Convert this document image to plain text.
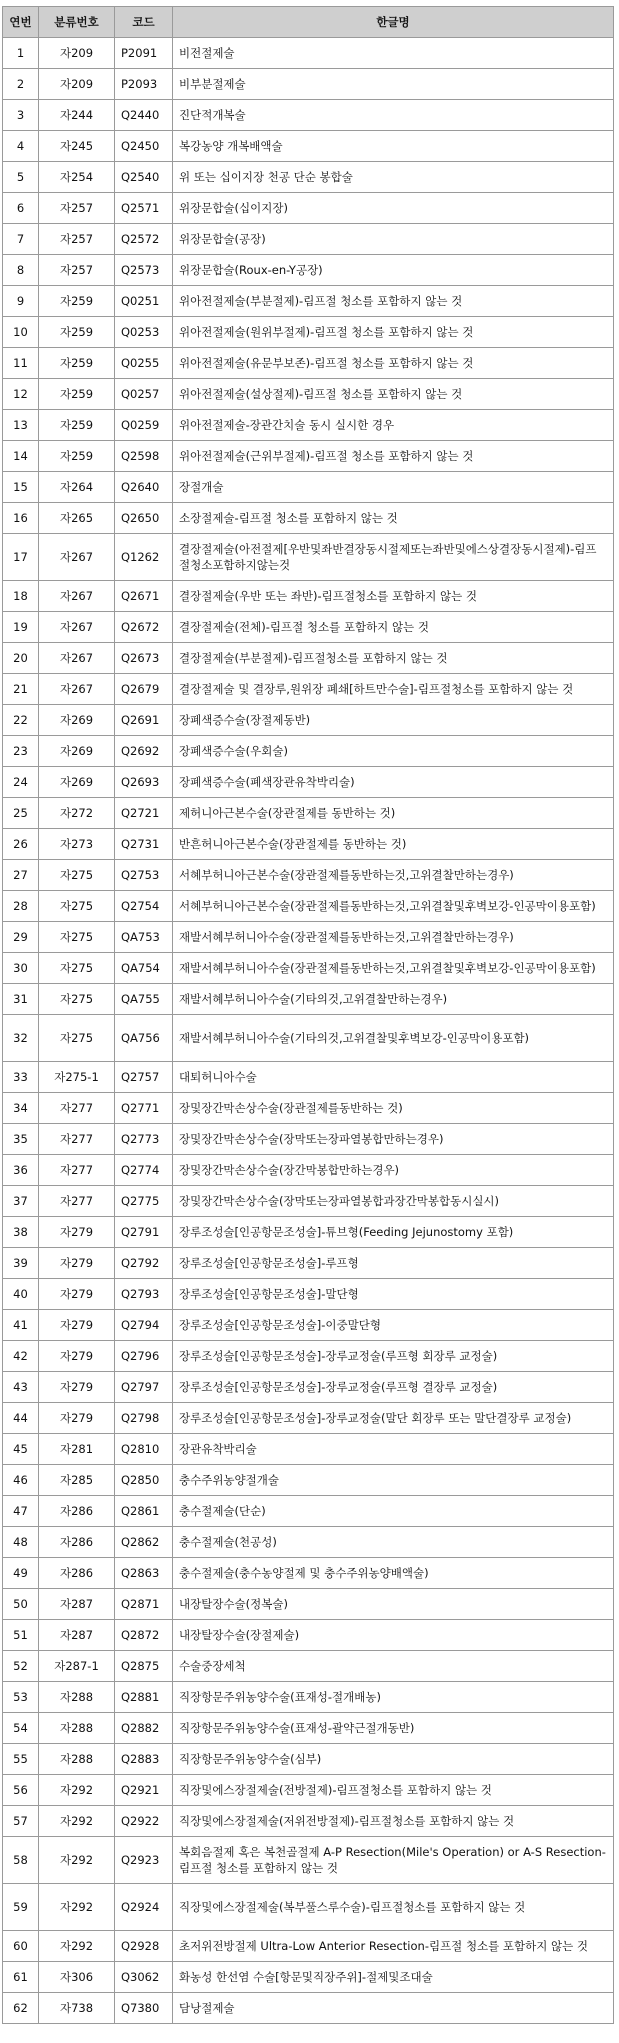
연번	분류번호	코드	한글명
1	자209	P2091	비전절제술
2	자209	P2093	비부분절제술
3	자244	Q2440	진단적개복술
4	자245	Q2450	복강농양 개복배액술
5	자254	Q2540	위 또는 십이지장 천공 단순 봉합술
6	자257	Q2571	위장문합술(십이지장)
7	자257	Q2572	위장문합술(공장)
8	자257	Q2573	위장문합술(Roux-en-Y공장)
9	자259	Q0251	위아전절제술(부분절제)-림프절 청소를 포함하지 않는 것
10	자259	Q0253	위아전절제술(원위부절제)-림프절 청소를 포함하지 않는 것
11	자259	Q0255	위아전절제술(유문부보존)-림프절 청소를 포함하지 않는 것
12	자259	Q0257	위아전절제술(설상절제)-림프절 청소를 포함하지 않는 것
13	자259	Q0259	위아전절제술-장관간치술 동시 실시한 경우
14	자259	Q2598	위아전절제술(근위부절제)-림프절 청소를 포함하지 않는 것
15	자264	Q2640	장절개술
16	자265	Q2650	소장절제술-림프절 청소를 포함하지 않는 것
17	자267	Q1262	결장절제술(아전절제[우반및좌반결장동시절제또는좌반및에스상결장동시절제)-림프절청소포함하지않는것
18	자267	Q2671	결장절제술(우반 또는 좌반)-림프절청소를 포함하지 않는 것
19	자267	Q2672	결장절제술(전체)-림프절 청소를 포함하지 않는 것
20	자267	Q2673	결장절제술(부분절제)-림프절청소를 포함하지 않는 것
21	자267	Q2679	결장절제술 및 결장루,원위장 폐쇄[하트만수술]-림프절청소를 포함하지 않는 것
22	자269	Q2691	장폐색증수술(장절제동반)
23	자269	Q2692	장폐색증수술(우회술)
24	자269	Q2693	장폐색증수술(폐색장관유착박리술)
25	자272	Q2721	제허니아근본수술(장관절제를 동반하는 것)
26	자273	Q2731	반흔허니아근본수술(장관절제를 동반하는 것)
27	자275	Q2753	서혜부허니아근본수술(장관절제를동반하는것,고위결찰만하는경우)
28	자275	Q2754	서혜부허니아근본수술(장관절제를동반하는것,고위결찰및후벽보강-인공막이용포함)
29	자275	QA753	재발서혜부허니아수술(장관절제를동반하는것,고위결찰만하는경우)
30	자275	QA754	재발서혜부허니아수술(장관절제를동반하는것,고위결찰및후벽보강-인공막이용포함)
31	자275	QA755	재발서혜부허니아수술(기타의것,고위결찰만하는경우)
32	자275	QA756	재발서혜부허니아수술(기타의것,고위결찰및후벽보강-인공막이용포함)
33	자275-1	Q2757	대퇴허니아수술
34	자277	Q2771	장및장간막손상수술(장관절제를동반하는 것)
35	자277	Q2773	장및장간막손상수술(장막또는장파열봉합만하는경우)
36	자277	Q2774	장및장간막손상수술(장간막봉합만하는경우)
37	자277	Q2775	장및장간막손상수술(장막또는장파열봉합과장간막봉합동시실시)
38	자279	Q2791	장루조성술[인공항문조성술]-튜브형(Feeding Jejunostomy 포함)
39	자279	Q2792	장루조성술[인공항문조성술]-루프형
40	자279	Q2793	장루조성술[인공항문조성술]-말단형
41	자279	Q2794	장루조성술[인공항문조성술]-이중말단형
42	자279	Q2796	장루조성술[인공항문조성술]-장루교정술(루프형 회장루 교정술)
43	자279	Q2797	장루조성술[인공항문조성술]-장루교정술(루프형 결장루 교정술)
44	자279	Q2798	장루조성술[인공항문조성술]-장루교정술(말단 회장루 또는 말단결장루 교정술)
45	자281	Q2810	장관유착박리술
46	자285	Q2850	충수주위농양절개술
47	자286	Q2861	충수절제술(단순)
48	자286	Q2862	충수절제술(천공성)
49	자286	Q2863	충수절제술(충수농양절제 및 충수주위농양배액술)
50	자287	Q2871	내장탈장수술(정복술)
51	자287	Q2872	내장탈장수술(장절제술)
52	자287-1	Q2875	수술중장세척
53	자288	Q2881	직장항문주위농양수술(표재성-절개배농)
54	자288	Q2882	직장항문주위농양수술(표재성-괄약근절개동반)
55	자288	Q2883	직장항문주위농양수술(심부)
56	자292	Q2921	직장및에스장절제술(전방절제)-림프절청소를 포함하지 않는 것
57	자292	Q2922	직장및에스장절제술(저위전방절제)-림프절청소를 포함하지 않는 것
58	자292	Q2923	복회음절제 혹은 복천골절제 A-P Resection(Mile's Operation) or A-S Resection-림프절 청소를 포함하지 않는 것
59	자292	Q2924	직장및에스장절제술(복부풀스루수술)-림프절청소를 포함하지 않는 것
60	자292	Q2928	초저위전방절제 Ultra-Low Anterior Resection-림프절 청소를 포함하지 않는 것
61	자306	Q3062	화농성 한선염 수술[항문및직장주위]-절제및조대술
62	자738	Q7380	담낭절제술
